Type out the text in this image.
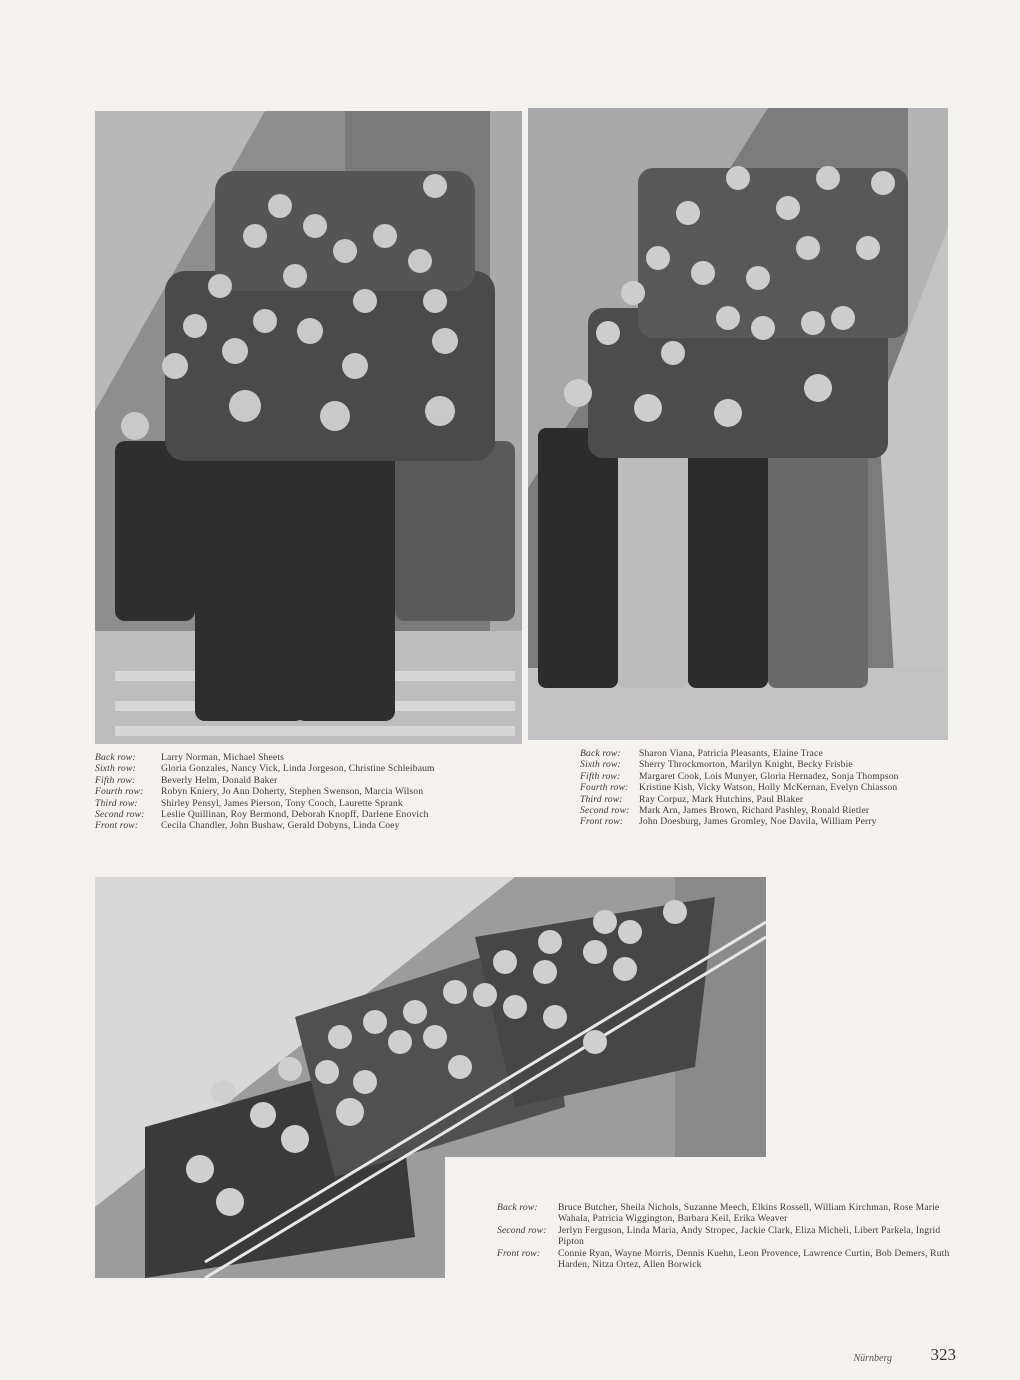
Back row:	Larry Norman, Michael Sheets
Sixth row:	Gloria Gonzales, Nancy Vick, Linda Jorgeson, Christine Schleibaum
Fifth row:	Beverly Helm, Donald Baker
Fourth row:	Robyn Kniery, Jo Ann Doherty, Stephen Swenson, Marcia Wilson
Third row:	Shirley Pensyl, James Pierson, Tony Cooch, Laurette Sprank
Second row:	Leslie Quillinan, Roy Bermond, Deborah Knopff, Darlene Enovich
Front row:	Cecila Chandler, John Bushaw, Gerald Dobyns, Linda Coey
Back row:	Sharon Viana, Patricia Pleasants, Elaine Trace
Sixth row:	Sherry Throckmorton, Marilyn Knight, Becky Frisbie
Fifth row:	Margaret Cook, Lois Munyer, Gloria Hernadez, Sonja Thompson
Fourth row:	Kristine Kish, Vicky Watson, Holly McKernan, Evelyn Chiasson
Third row:	Ray Corpuz, Mark Hutchins, Paul Blaker
Second row: Mark Arn, James Brown, Richard Pashley, Ronald Rietler
Front row:	John Doesburg, James Gromley, Noe Davila, William Perry
Back row:	Bruce Butcher, Sheila Nichols, Suzanne Meech, Elkins Rossell, William Kirchman, Rose Marie Wahala, Patricia Wiggington, Barbara Keil, Erika Weaver
Second row:	Jerlyn Ferguson, Linda Maria, Andy Stropec, Jackie Clark, Eliza Micheli, Libert Parkela, Ingrid Pipton
Front row:	Connie Ryan, Wayne Morris, Dennis Kuehn, Leon Provence, Lawrence Curtin, Bob Demers, Ruth Harden, Nitza Ortez, Allen Borwick
Nürnberg 323
